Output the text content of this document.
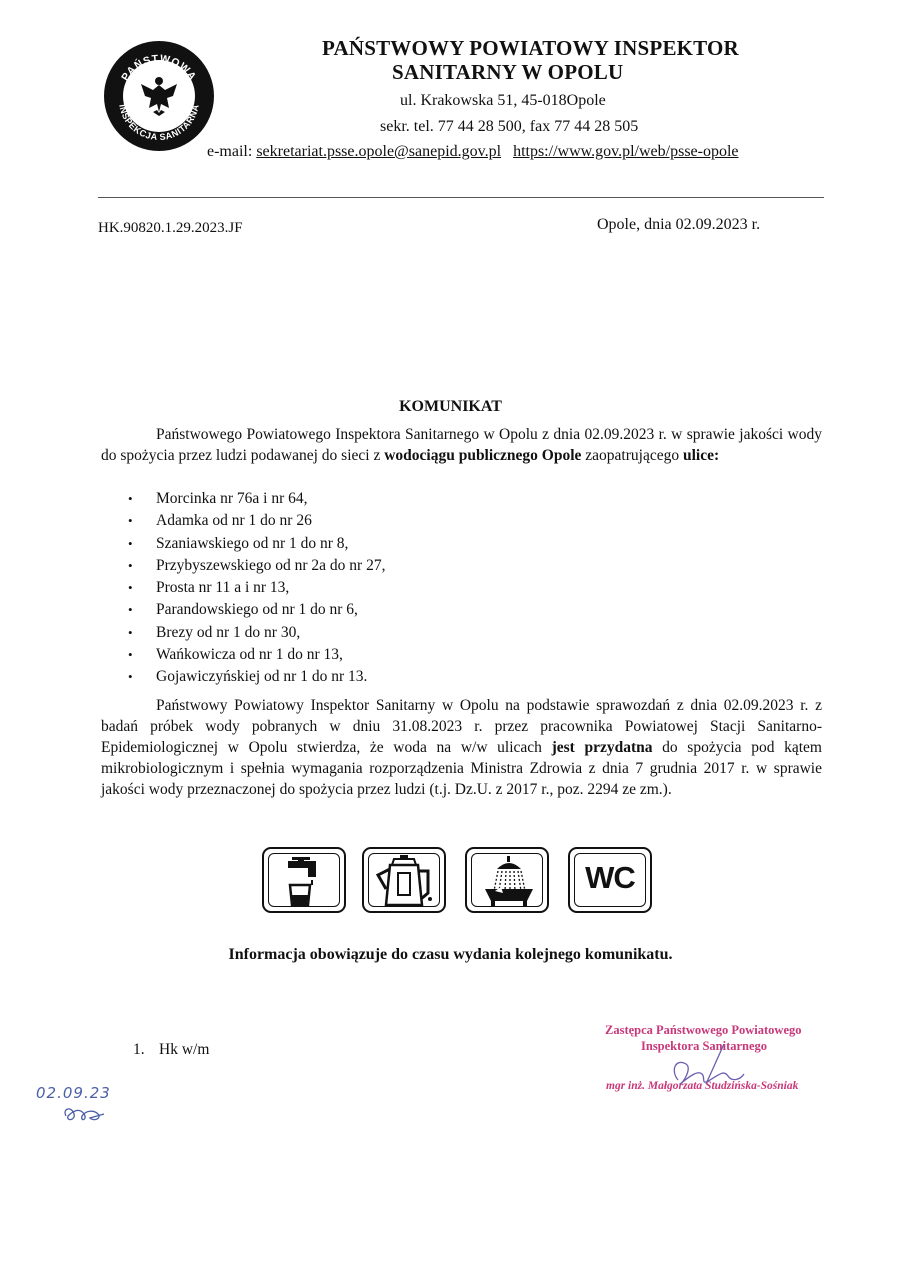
PAŃSTWOWA
INSPEKCJA SANITARNA
PAŃSTWOWY POWIATOWY INSPEKTOR
SANITARNY W OPOLU
ul. Krakowska 51, 45-018Opole
sekr. tel. 77 44 28 500, fax 77 44 28 505
e-mail: sekretariat.psse.opole@sanepid.gov.pl https://www.gov.pl/web/psse-opole
HK.90820.1.29.2023.JF	Opole, dnia 02.09.2023 r.
KOMUNIKAT
Państwowego Powiatowego Inspektora Sanitarnego w Opolu z dnia 02.09.2023 r. w sprawie jakości wody do spożycia przez ludzi podawanej do sieci z wodociągu publicznego Opole zaopatrującego ulice:
• Morcinka nr 76a i nr 64,
• Adamka od nr 1 do nr 26
• Szaniawskiego od nr 1 do nr 8,
• Przybyszewskiego od nr 2a do nr 27,
• Prosta nr 11 a i nr 13,
• Parandowskiego od nr 1 do nr 6,
• Brezy od nr 1 do nr 30,
• Wańkowicza od nr 1 do nr 13,
• Gojawiczyńskiej od nr 1 do nr 13.
Państwowy Powiatowy Inspektor Sanitarny w Opolu na podstawie sprawozdań z dnia 02.09.2023 r. z badań próbek wody pobranych w dniu 31.08.2023 r. przez pracownika Powiatowej Stacji Sanitarno-Epidemiologicznej w Opolu stwierdza, że woda na w/w ulicach jest przydatna do spożycia pod kątem mikrobiologicznym i spełnia wymagania rozporządzenia Ministra Zdrowia z dnia 7 grudnia 2017 r. w sprawie jakości wody przeznaczonej do spożycia przez ludzi (t.j. Dz.U. z 2017 r., poz. 2294 ze zm.).
WC
Informacja obowiązuje do czasu wydania kolejnego komunikatu.
1. Hk w/m
Zastępca Państwowego Powiatowego
Inspektora Sanitarnego
mgr inż. Małgorzata Studzińska-Sośniak
02.09.23
